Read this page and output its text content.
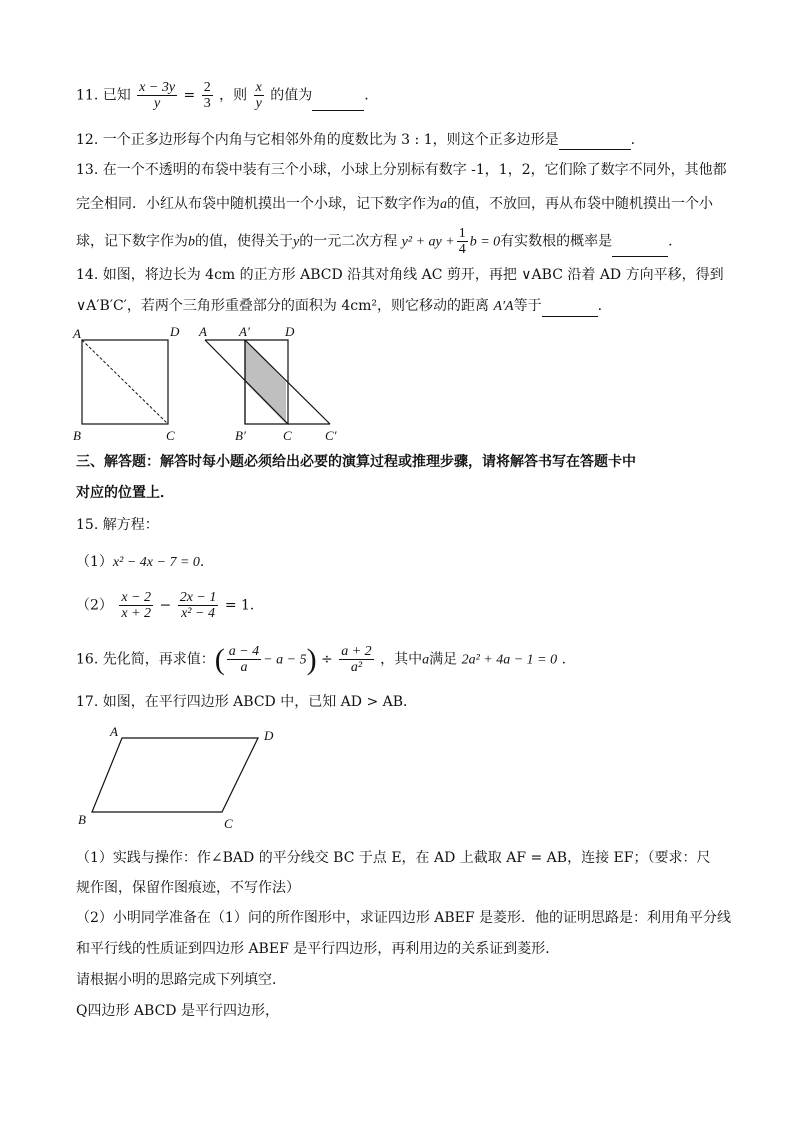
11. 已知 $\frac{x - 3y}{y} = \frac{2}{3}$ ，则 $\frac{x}{y}$ 的值为	.
12. 一个正多边形每个内角与它相邻外角的度数比为 3 : 1，则这个正多边形是	.
13. 在一个不透明的布袋中装有三个小球，小球上分别标有数字 -1，1，2，它们除了数字不同外，其他都
完全相同．小红从布袋中随机摸出一个小球，记下数字作为a的值，不放回，再从布袋中随机摸出一个小
球，记下数字作为b的值，使得关于y的一元二次方程 y² + ay + $\frac{1}{4}$ b = 0有实数根的概率是	.
14. 如图，将边长为 4cm 的正方形 ABCD 沿其对角线 AC 剪开，再把 ∨ABC 沿着 AD 方向平移，得到
∨A′B′C′，若两个三角形重叠部分的面积为 4cm²，则它移动的距离 A′A等于	.
A	D
B	C
A A′	D
B′	C	C′
三、解答题：解答时每小题必须给出必要的演算过程或推理步骤，请将解答书写在答题卡中
对应的位置上．
15. 解方程：
（1）x² − 4x − 7 = 0.
$(2) \frac{x - 2}{x + 2} - \frac{2x - 1}{\text{x² − 4}} = 1$.
16. 先化简，再求值：( $\frac{a - 4}{a} - a - 5) \div \frac{a + 2}{\text{a²}}$ ，其中a满足 2a² + 4a − 1 = 0 .
17. 如图，在平行四边形 ABCD 中，已知 AD > AB．
A	D
B	C
（1）实践与操作：作∠BAD 的平分线交 BC 于点 E，在 AD 上截取 AF = AB，连接 EF；（要求：尺
规作图，保留作图痕迹，不写作法）
（2）小明同学准备在（1）问的所作图形中，求证四边形 ABEF 是菱形．他的证明思路是：利用角平分线
和平行线的性质证到四边形 ABEF 是平行四边形，再利用边的关系证到菱形．
请根据小明的思路完成下列填空．
Q四边形 ABCD 是平行四边形，
